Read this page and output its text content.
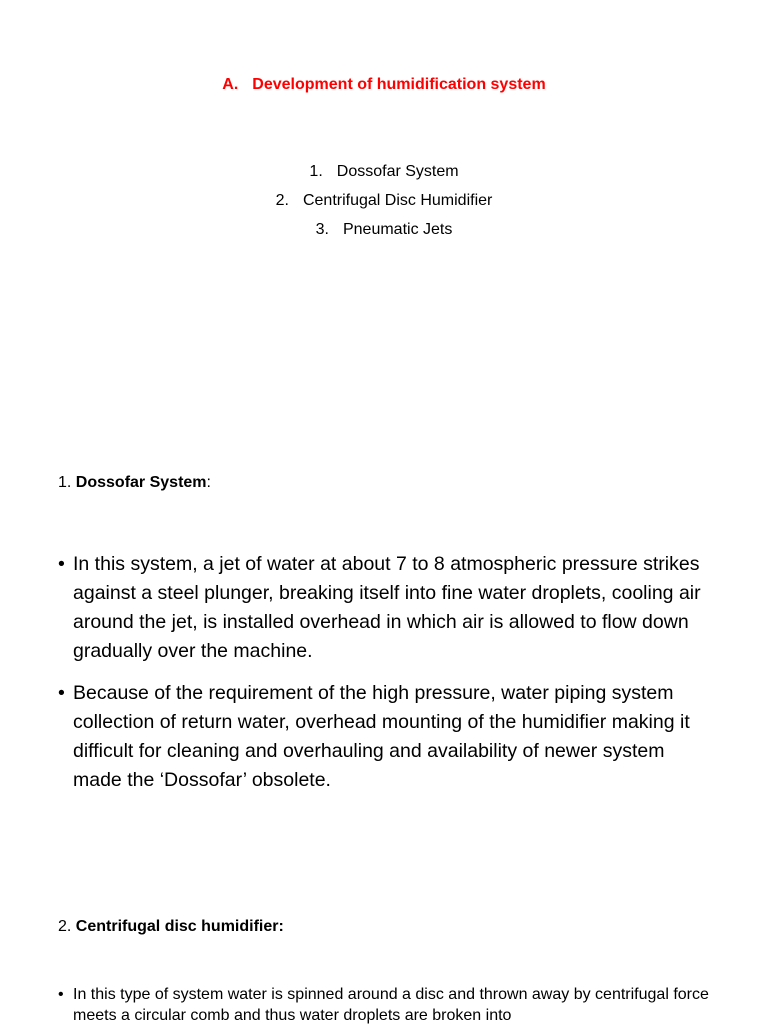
A. Development of humidification system
1. Dossofar System
2. Centrifugal Disc Humidifier
3. Pneumatic Jets
1. Dossofar System:
• In this system, a jet of water at about 7 to 8 atmospheric pressure strikes against a steel plunger, breaking itself into fine water droplets, cooling air around the jet, is installed overhead in which air is allowed to flow down gradually over the machine.
• Because of the requirement of the high pressure, water piping system collection of return water, overhead mounting of the humidifier making it difficult for cleaning and overhauling and availability of newer system made the ‘Dossofar’ obsolete.
2. Centrifugal disc humidifier:
• In this type of system water is spinned around a disc and thrown away by centrifugal force meets a circular comb and thus water droplets are broken into
